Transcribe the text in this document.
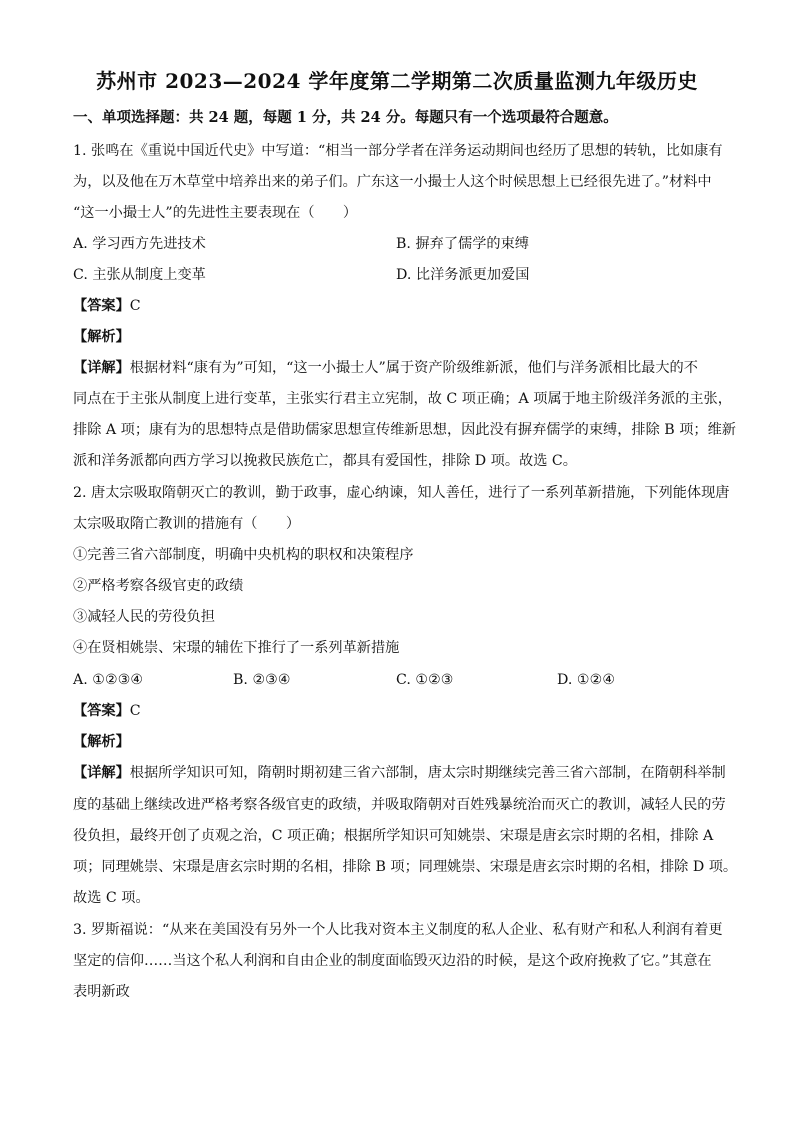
苏州市 2023—2024 学年度第二学期第二次质量监测九年级历史
一、单项选择题：共 24 题，每题 1 分，共 24 分。每题只有一个选项最符合题意。
1. 张鸣在《重说中国近代史》中写道：“相当一部分学者在洋务运动期间也经历了思想的转轨，比如康有
为，以及他在万木草堂中培养出来的弟子们。广东这一小撮士人这个时候思想上已经很先进了。”材料中
“这一小撮士人”的先进性主要表现在（　　）
A. 学习西方先进技术	B. 摒弃了儒学的束缚
C. 主张从制度上变革	D. 比洋务派更加爱国
【答案】C
【解析】
【详解】根据材料“康有为”可知，“这一小撮士人”属于资产阶级维新派，他们与洋务派相比最大的不
同点在于主张从制度上进行变革，主张实行君主立宪制，故 C 项正确；A 项属于地主阶级洋务派的主张，
排除 A 项；康有为的思想特点是借助儒家思想宣传维新思想，因此没有摒弃儒学的束缚，排除 B 项；维新
派和洋务派都向西方学习以挽救民族危亡，都具有爱国性，排除 D 项。故选 C。
2. 唐太宗吸取隋朝灭亡的教训，勤于政事，虚心纳谏，知人善任，进行了一系列革新措施，下列能体现唐
太宗吸取隋亡教训的措施有（　　）
①完善三省六部制度，明确中央机构的职权和决策程序
②严格考察各级官吏的政绩
③减轻人民的劳役负担
④在贤相姚崇、宋璟的辅佐下推行了一系列革新措施
A. ①②③④	B. ②③④	C. ①②③	D. ①②④
【答案】C
【解析】
【详解】根据所学知识可知，隋朝时期初建三省六部制，唐太宗时期继续完善三省六部制，在隋朝科举制
度的基础上继续改进严格考察各级官吏的政绩，并吸取隋朝对百姓残暴统治而灭亡的教训，减轻人民的劳
役负担，最终开创了贞观之治，C 项正确；根据所学知识可知姚崇、宋璟是唐玄宗时期的名相，排除 A
项；同理姚崇、宋璟是唐玄宗时期的名相，排除 B 项；同理姚崇、宋璟是唐玄宗时期的名相，排除 D 项。
故选 C 项。
3. 罗斯福说：“从来在美国没有另外一个人比我对资本主义制度的私人企业、私有财产和私人利润有着更
坚定的信仰……当这个私人利润和自由企业的制度面临毁灭边沿的时候，是这个政府挽救了它。”其意在
表明新政
